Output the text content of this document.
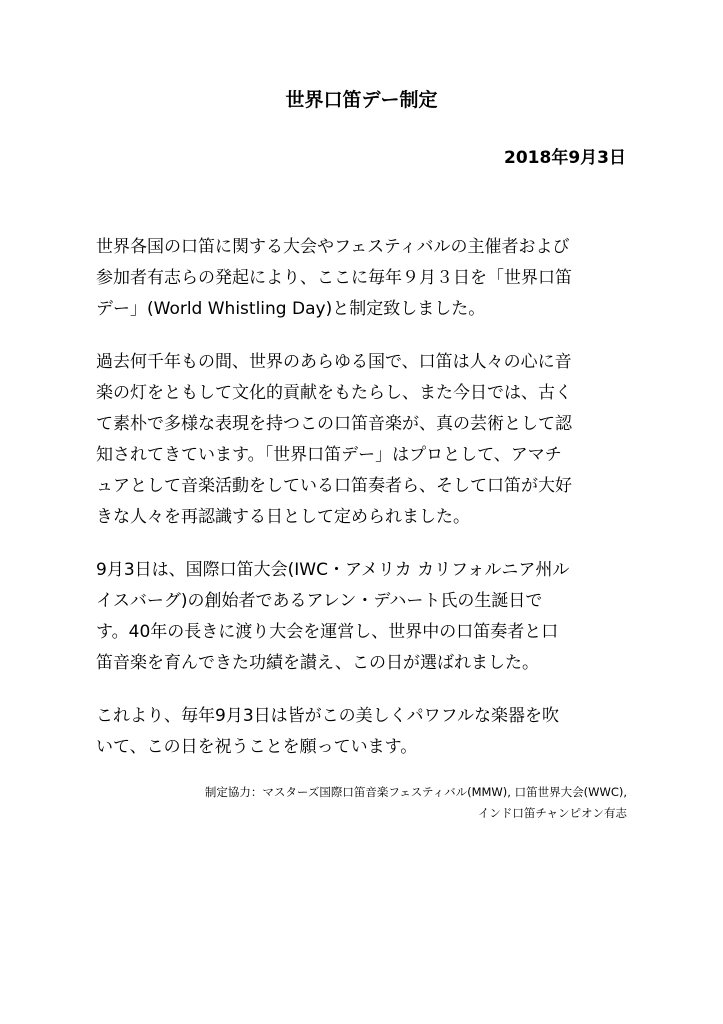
世界口笛デー制定
2018年9月3日

世界各国の口笛に関する大会やフェスティバルの主催者および
参加者有志らの発起により、ここに毎年９月３日を「世界口笛
デー」(World Whistling Day)と制定致しました。

過去何千年もの間、世界のあらゆる国で、口笛は人々の心に音
楽の灯をともして文化的貢献をもたらし、また今日では、古く
て素朴で多様な表現を持つこの口笛音楽が、真の芸術として認
知されてきています。「世界口笛デー」はプロとして、アマチ
ュアとして音楽活動をしている口笛奏者ら、そして口笛が大好
きな人々を再認識する日として定められました。

9月3日は、国際口笛大会(IWC・アメリカ カリフォルニア州ル
イスバーグ)の創始者であるアレン・デハート氏の生誕日で
す。40年の長きに渡り大会を運営し、世界中の口笛奏者と口
笛音楽を育んできた功績を讃え、この日が選ばれました。

これより、毎年9月3日は皆がこの美しくパワフルな楽器を吹
いて、この日を祝うことを願っています。

制定協力：マスターズ国際口笛音楽フェスティバル(MMW), 口笛世界大会(WWC),
インド口笛チャンピオン有志
